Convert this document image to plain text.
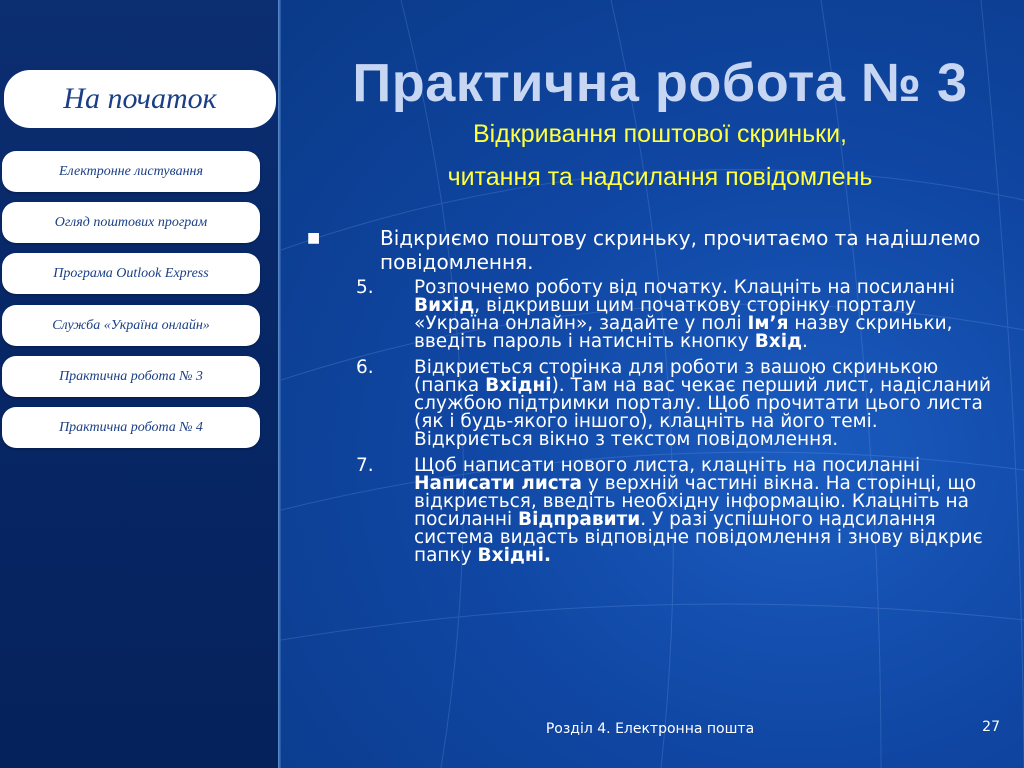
На початок
Електронне листування
Огляд поштових програм
Програма Outlook Express
Служба «Україна онлайн»
Практична робота № 3
Практична робота № 4
Практична робота № 3

Відкривання поштової скриньки,

читання та надсилання повідомлень

■	Відкриємо поштову скриньку, прочитаємо та надішлемо повідомлення.
5.	Розпочнемо роботу від початку. Клацніть на посиланні Вихід, відкривши цим початкову сторінку порталу «Україна онлайн», задайте у полі Ім’я назву скриньки, введіть пароль і натисніть кнопку Вхід.
6.	Відкриється сторінка для роботи з вашою скринькою (папка Вхідні). Там на вас чекає перший лист, надісланий службою підтримки порталу. Щоб прочитати цього листа (як і будь-якого іншого), клацніть на його темі. Відкриється вікно з текстом повідомлення.
7.	Щоб написати нового листа, клацніть на посиланні Написати листа у верхній частині вікна. На сторінці, що відкриється, введіть необхідну інформацію. Клацніть на посиланні Відправити. У разі успішного надсилання система видасть відповідне повідомлення і знову відкриє папку Вхідні.
Розділ 4. Електронна пошта	27
